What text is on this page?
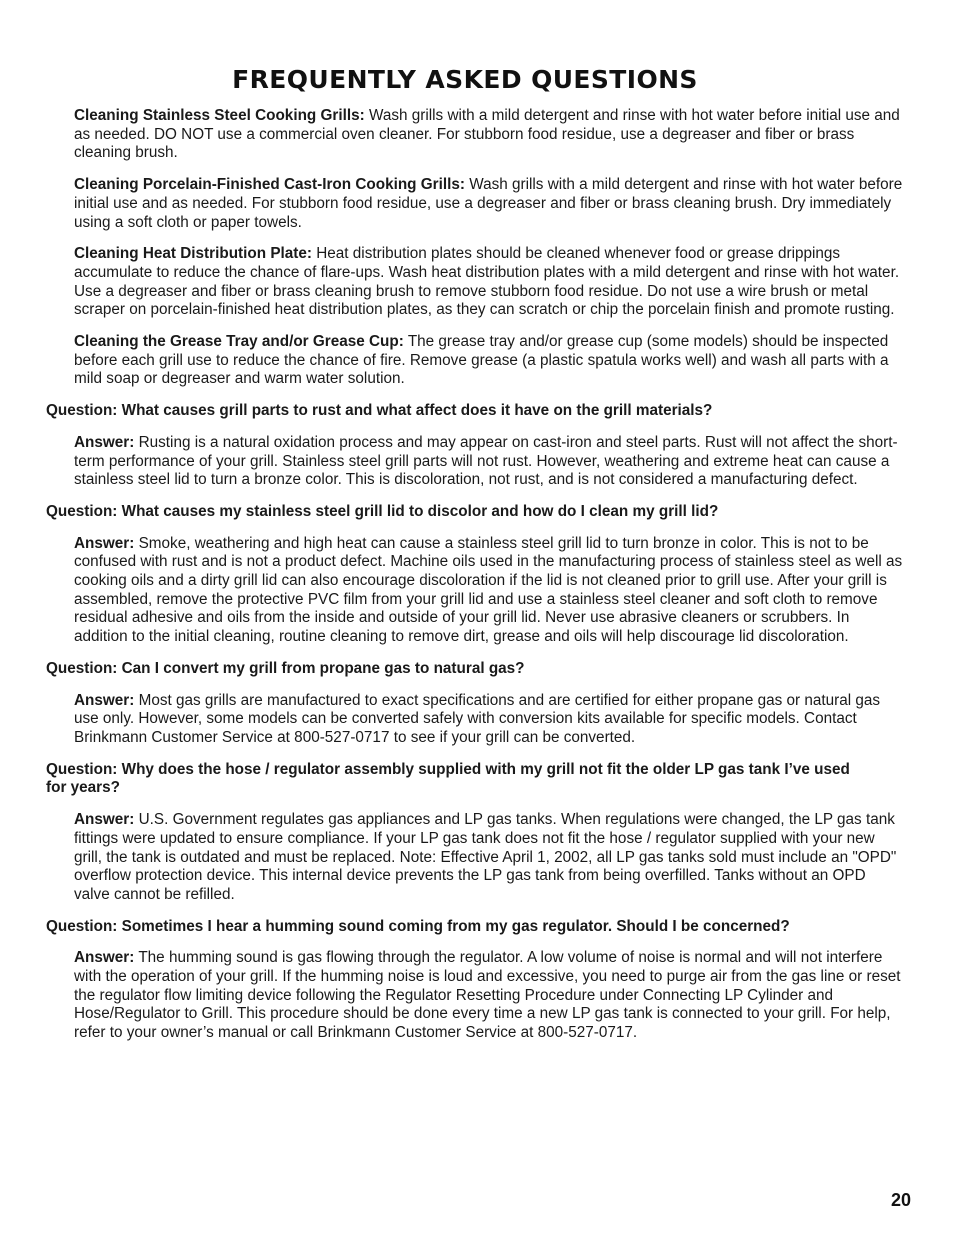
FREQUENTLY ASKED QUESTIONS

Cleaning Stainless Steel Cooking Grills: Wash grills with a mild detergent and rinse with hot water before initial use and as needed. DO NOT use a commercial oven cleaner. For stubborn food residue, use a degreaser and fiber or brass cleaning brush.

Cleaning Porcelain-Finished Cast-Iron Cooking Grills: Wash grills with a mild detergent and rinse with hot water before initial use and as needed. For stubborn food residue, use a degreaser and fiber or brass cleaning brush. Dry immediately using a soft cloth or paper towels.

Cleaning Heat Distribution Plate: Heat distribution plates should be cleaned whenever food or grease drippings accumulate to reduce the chance of flare-ups. Wash heat distribution plates with a mild detergent and rinse with hot water. Use a degreaser and fiber or brass cleaning brush to remove stubborn food residue. Do not use a wire brush or metal scraper on porcelain-finished heat distribution plates, as they can scratch or chip the porcelain finish and promote rusting.

Cleaning the Grease Tray and/or Grease Cup: The grease tray and/or grease cup (some models) should be inspected before each grill use to reduce the chance of fire. Remove grease (a plastic spatula works well) and wash all parts with a mild soap or degreaser and warm water solution.

Question: What causes grill parts to rust and what affect does it have on the grill materials?

Answer: Rusting is a natural oxidation process and may appear on cast-iron and steel parts. Rust will not affect the short-term performance of your grill. Stainless steel grill parts will not rust. However, weathering and extreme heat can cause a stainless steel lid to turn a bronze color. This is discoloration, not rust, and is not considered a manufacturing defect.

Question: What causes my stainless steel grill lid to discolor and how do I clean my grill lid?

Answer: Smoke, weathering and high heat can cause a stainless steel grill lid to turn bronze in color. This is not to be confused with rust and is not a product defect. Machine oils used in the manufacturing process of stainless steel as well as cooking oils and a dirty grill lid can also encourage discoloration if the lid is not cleaned prior to grill use. After your grill is assembled, remove the protective PVC film from your grill lid and use a stainless steel cleaner and soft cloth to remove residual adhesive and oils from the inside and outside of your grill lid. Never use abrasive cleaners or scrubbers. In addition to the initial cleaning, routine cleaning to remove dirt, grease and oils will help discourage lid discoloration.

Question: Can I convert my grill from propane gas to natural gas?

Answer: Most gas grills are manufactured to exact specifications and are certified for either propane gas or natural gas use only. However, some models can be converted safely with conversion kits available for specific models. Contact Brinkmann Customer Service at 800-527-0717 to see if your grill can be converted.

Question: Why does the hose / regulator assembly supplied with my grill not fit the older LP gas tank I’ve used for years?

Answer: U.S. Government regulates gas appliances and LP gas tanks. When regulations were changed, the LP gas tank fittings were updated to ensure compliance. If your LP gas tank does not fit the hose / regulator supplied with your new grill, the tank is outdated and must be replaced. Note: Effective April 1, 2002, all LP gas tanks sold must include an "OPD" overflow protection device. This internal device prevents the LP gas tank from being overfilled. Tanks without an OPD valve cannot be refilled.

Question: Sometimes I hear a humming sound coming from my gas regulator. Should I be concerned?

Answer: The humming sound is gas flowing through the regulator. A low volume of noise is normal and will not interfere with the operation of your grill. If the humming noise is loud and excessive, you need to purge air from the gas line or reset the regulator flow limiting device following the Regulator Resetting Procedure under Connecting LP Cylinder and Hose/Regulator to Grill. This procedure should be done every time a new LP gas tank is connected to your grill. For help, refer to your owner’s manual or call Brinkmann Customer Service at 800-527-0717.

20
